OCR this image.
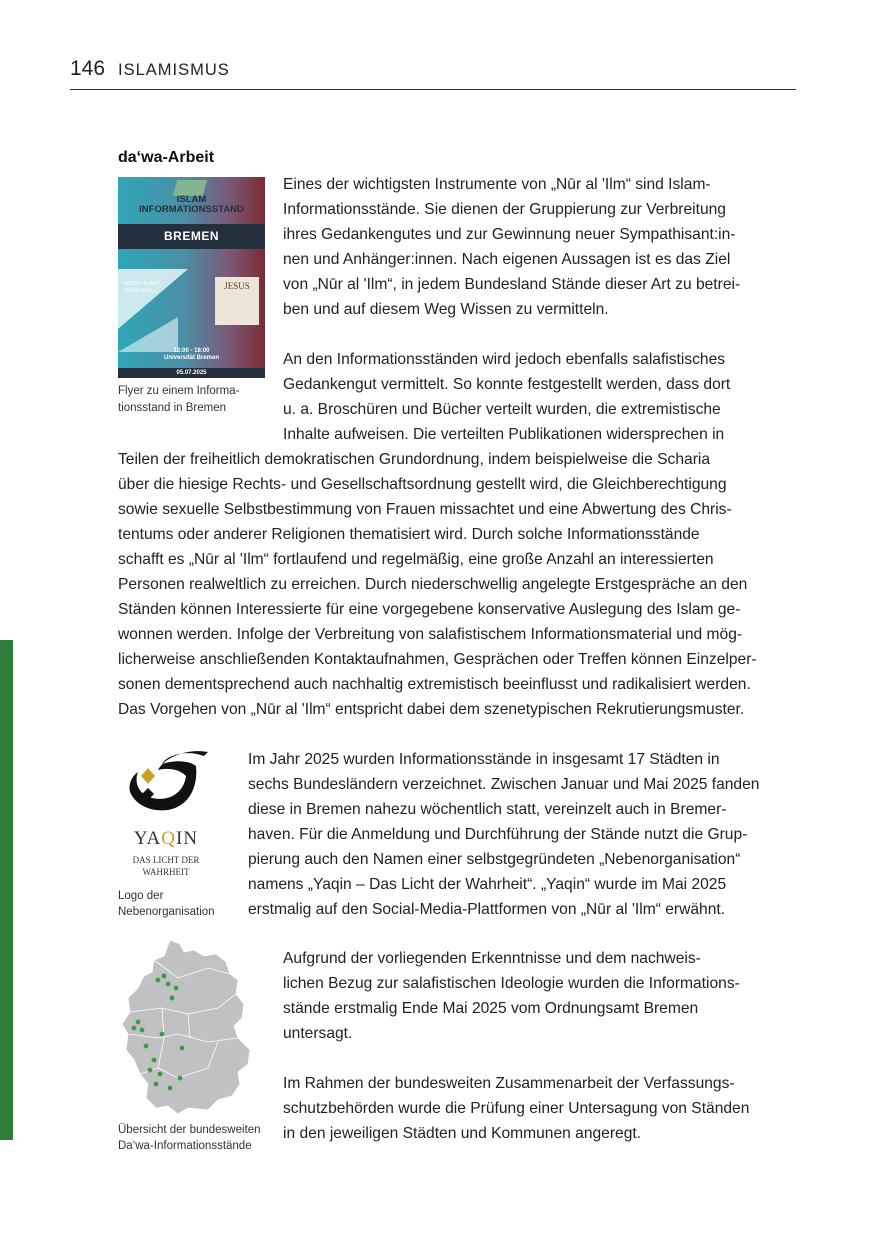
146 ISLAMISMUS
da‘wa-Arbeit
ISLAM
INFORMATIONSSTAND
BREMEN
WIESO ISLAM? ISLAM WAS…	JESUS
12:00 - 18:00
Universität Bremen
05.07.2025
Flyer zu einem Informa-
tionsstand in Bremen
Eines der wichtigsten Instrumente von „Nūr al 'Ilm“ sind Islam-
Informationsstände. Sie dienen der Gruppierung zur Verbreitung
ihres Gedankengutes und zur Gewinnung neuer Sympathisant:in-
nen und Anhänger:innen. Nach eigenen Aussagen ist es das Ziel
von „Nūr al 'Ilm“, in jedem Bundesland Stände dieser Art zu betrei-
ben und auf diesem Weg Wissen zu vermitteln.
An den Informationsständen wird jedoch ebenfalls salafistisches
Gedankengut vermittelt. So konnte festgestellt werden, dass dort
u. a. Broschüren und Bücher verteilt wurden, die extremistische
Inhalte aufweisen. Die verteilten Publikationen widersprechen in
Teilen der freiheitlich demokratischen Grundordnung, indem beispielweise die Scharia
über die hiesige Rechts- und Gesellschaftsordnung gestellt wird, die Gleichberechtigung
sowie sexuelle Selbstbestimmung von Frauen missachtet und eine Abwertung des Chris-
tentums oder anderer Religionen thematisiert wird. Durch solche Informationsstände
schafft es „Nūr al 'Ilm“ fortlaufend und regelmäßig, eine große Anzahl an interessierten
Personen realweltlich zu erreichen. Durch niederschwellig angelegte Erstgespräche an den
Ständen können Interessierte für eine vorgegebene konservative Auslegung des Islam ge-
wonnen werden. Infolge der Verbreitung von salafistischem Informationsmaterial und mög-
licherweise anschließenden Kontaktaufnahmen, Gesprächen oder Treffen können Einzelper-
sonen dementsprechend auch nachhaltig extremistisch beeinflusst und radikalisiert werden.
Das Vorgehen von „Nūr al 'Ilm“ entspricht dabei dem szenetypischen Rekrutierungsmuster.
YAQIN
DAS LICHT DER
WAHRHEIT
Logo der
Nebenorganisation
Im Jahr 2025 wurden Informationsstände in insgesamt 17 Städten in
sechs Bundesländern verzeichnet. Zwischen Januar und Mai 2025 fanden
diese in Bremen nahezu wöchentlich statt, vereinzelt auch in Bremer-
haven. Für die Anmeldung und Durchführung der Stände nutzt die Grup-
pierung auch den Namen einer selbstgegründeten „Nebenorganisation“
namens „Yaqin – Das Licht der Wahrheit“. „Yaqin“ wurde im Mai 2025
erstmalig auf den Social-Media-Plattformen von „Nūr al 'Ilm“ erwähnt.
Übersicht der bundesweiten
Da‘wa-Informationsstände
Aufgrund der vorliegenden Erkenntnisse und dem nachweis-
lichen Bezug zur salafistischen Ideologie wurden die Informations-
stände erstmalig Ende Mai 2025 vom Ordnungsamt Bremen
untersagt.
Im Rahmen der bundesweiten Zusammenarbeit der Verfassungs-
schutzbehörden wurde die Prüfung einer Untersagung von Ständen
in den jeweiligen Städten und Kommunen angeregt.
